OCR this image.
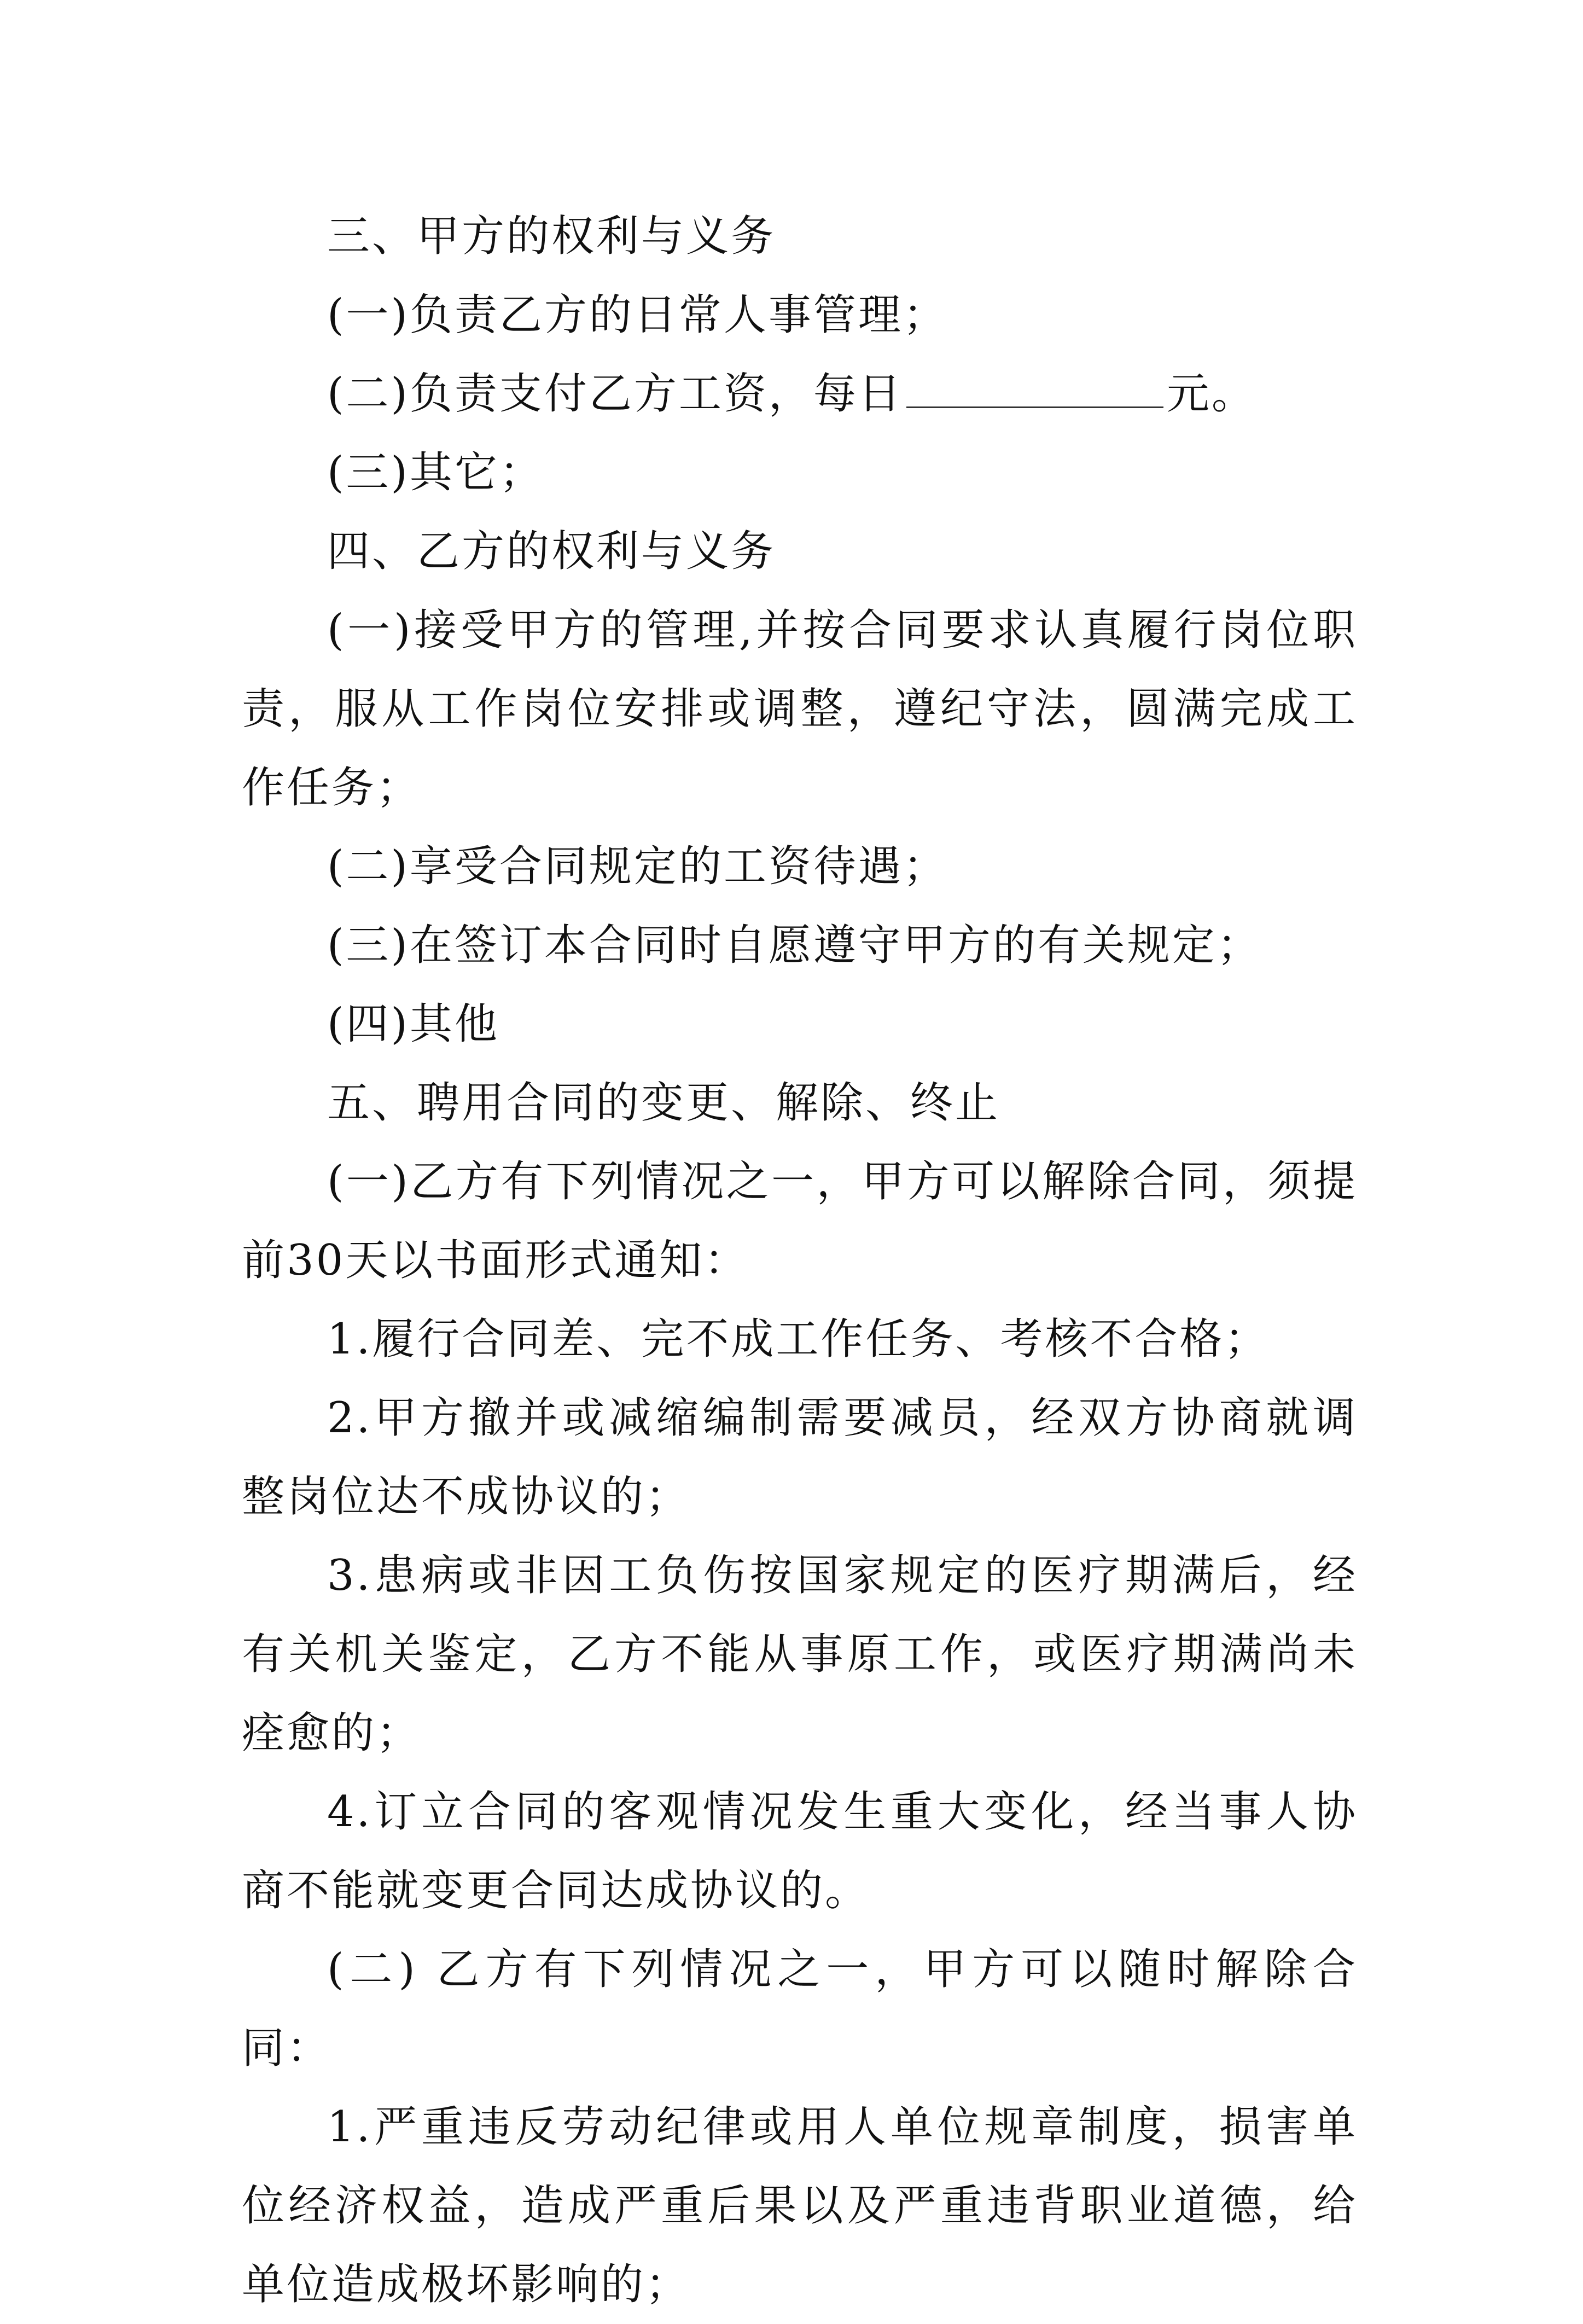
三、甲方的权利与义务

(一)负责乙方的日常人事管理；

(二)负责支付乙方工资，每日	元。

(三)其它；

四、乙方的权利与义务

(一)接受甲方的管理,并按合同要求认真履行岗位职责，服从工作岗位安排或调整，遵纪守法，圆满完成工作任务；

(二)享受合同规定的工资待遇；

(三)在签订本合同时自愿遵守甲方的有关规定；

(四)其他

五、聘用合同的变更、解除、终止

(一)乙方有下列情况之一，甲方可以解除合同，须提前30天以书面形式通知：

1.履行合同差、完不成工作任务、考核不合格；

2.甲方撤并或减缩编制需要减员，经双方协商就调整岗位达不成协议的；

3.患病或非因工负伤按国家规定的医疗期满后，经有关机关鉴定，乙方不能从事原工作，或医疗期满尚未痊愈的；

4.订立合同的客观情况发生重大变化，经当事人协商不能就变更合同达成协议的。

(二) 乙方有下列情况之一，甲方可以随时解除合同：

1.严重违反劳动纪律或用人单位规章制度，损害单位经济权益，造成严重后果以及严重违背职业道德，给单位造成极坏影响的；
